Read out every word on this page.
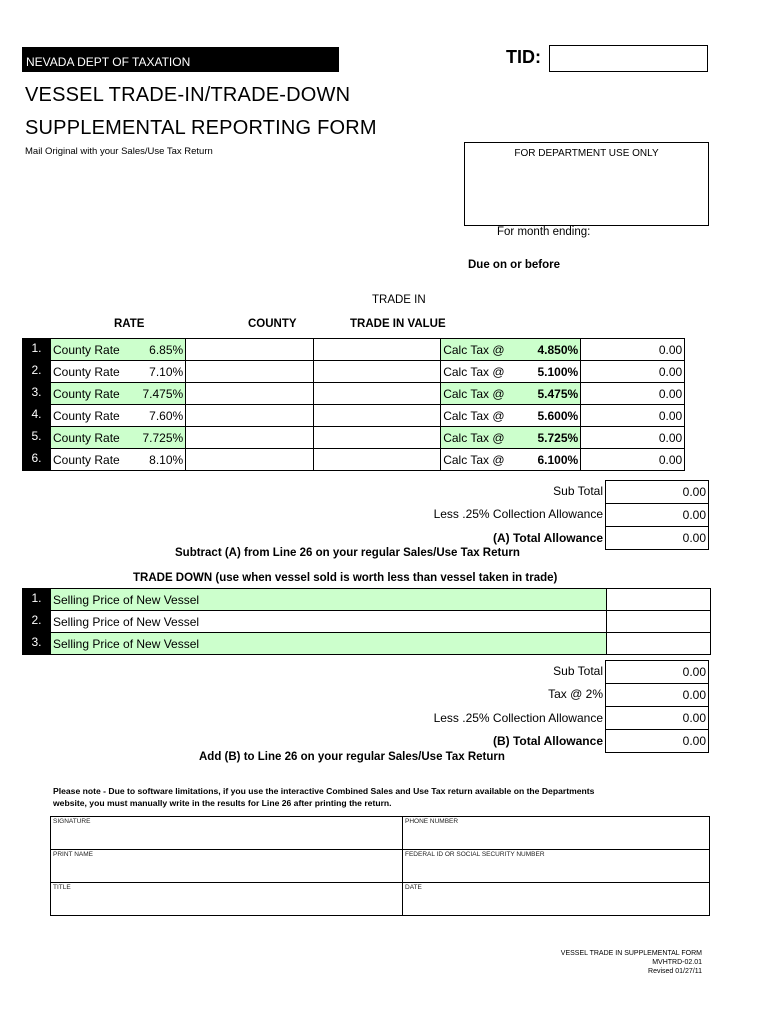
NEVADA DEPT OF TAXATION	TID:
VESSEL TRADE-IN/TRADE-DOWN
SUPPLEMENTAL REPORTING FORM
Mail Original with your Sales/Use Tax Return	FOR DEPARTMENT USE ONLY
For month ending:
Due on or before
TRADE IN
RATE	COUNTY	TRADE IN VALUE
1.	County Rate	6.85%			Calc Tax @	4.850%	0.00
2.	County Rate	7.10%			Calc Tax @	5.100%	0.00
3.	County Rate	7.475%			Calc Tax @	5.475%	0.00
4.	County Rate	7.60%			Calc Tax @	5.600%	0.00
5.	County Rate	7.725%			Calc Tax @	5.725%	0.00
6.	County Rate	8.10%			Calc Tax @	6.100%	0.00
Sub Total	0.00
Less .25% Collection Allowance	0.00
(A) Total Allowance	0.00
Subtract (A) from Line 26 on your regular Sales/Use Tax Return
TRADE DOWN (use when vessel sold is worth less than vessel taken in trade)
1.	Selling Price of New Vessel	
2.	Selling Price of New Vessel	
3.	Selling Price of New Vessel	
Sub Total	0.00
Tax @ 2%	0.00
Less .25% Collection Allowance	0.00
(B) Total Allowance	0.00
Add (B) to Line 26 on your regular Sales/Use Tax Return
Please note - Due to software limitations, if you use the interactive Combined Sales and Use Tax return available on the Departments
website, you must manually write in the results for Line 26 after printing the return.
SIGNATURE	PHONE NUMBER
PRINT NAME	FEDERAL ID OR SOCIAL SECURITY NUMBER
TITLE	DATE
VESSEL TRADE IN SUPPLEMENTAL FORM
MVHTRD-02.01
Revised 01/27/11
